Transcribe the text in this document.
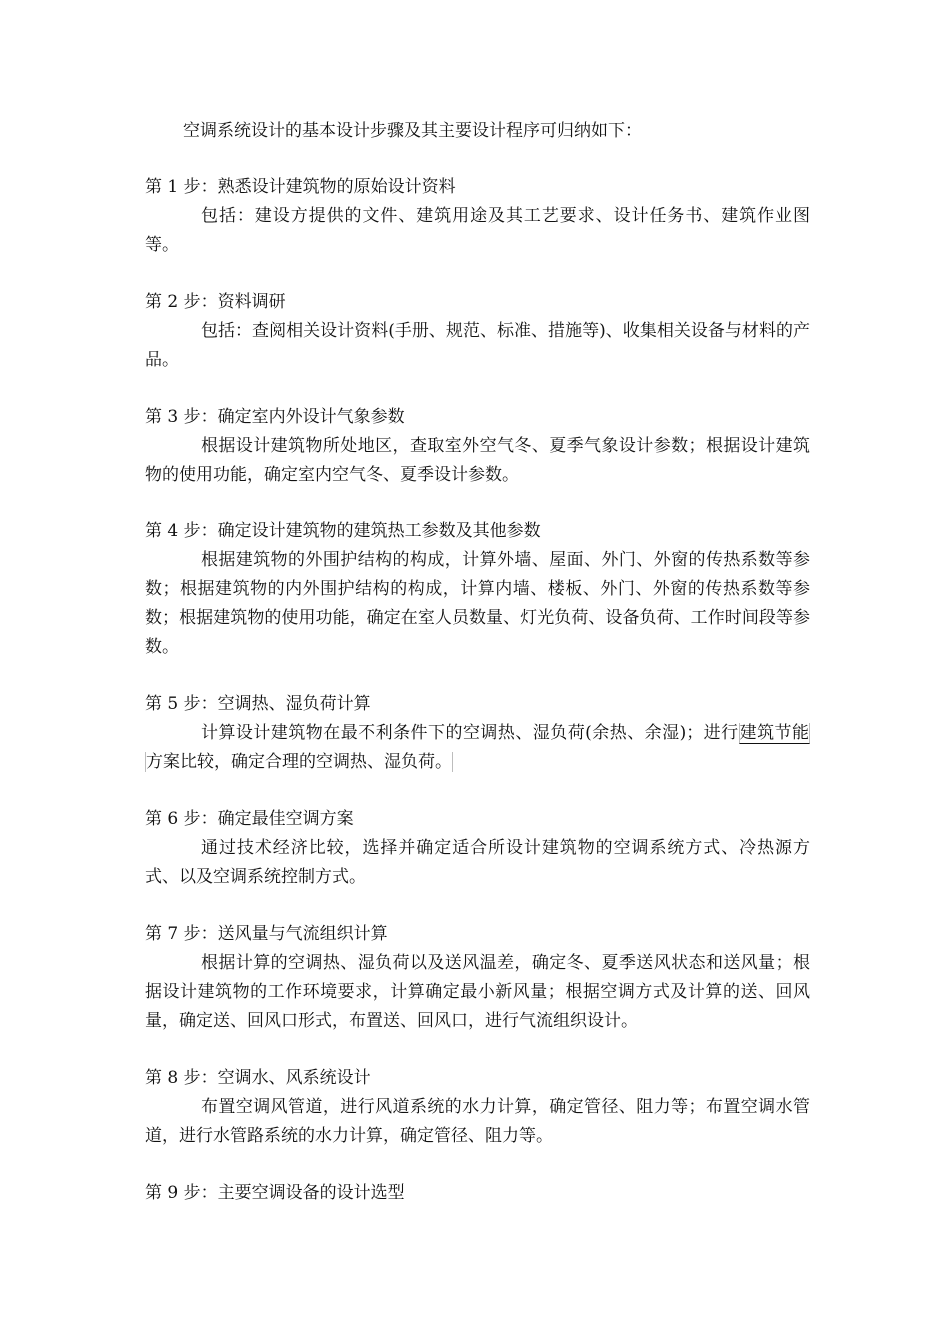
空调系统设计的基本设计步骤及其主要设计程序可归纳如下：
第 1 步：熟悉设计建筑物的原始设计资料
包括：建设方提供的文件、建筑用途及其工艺要求、设计任务书、建筑作业图等。
第 2 步：资料调研
包括：查阅相关设计资料(手册、规范、标准、措施等)、收集相关设备与材料的产品。
第 3 步：确定室内外设计气象参数
根据设计建筑物所处地区，查取室外空气冬、夏季气象设计参数；根据设计建筑物的使用功能，确定室内空气冬、夏季设计参数。
第 4 步：确定设计建筑物的建筑热工参数及其他参数
根据建筑物的外围护结构的构成，计算外墙、屋面、外门、外窗的传热系数等参数；根据建筑物的内外围护结构的构成，计算内墙、楼板、外门、外窗的传热系数等参数；根据建筑物的使用功能，确定在室人员数量、灯光负荷、设备负荷、工作时间段等参数。
第 5 步：空调热、湿负荷计算
计算设计建筑物在最不利条件下的空调热、湿负荷(余热、余湿)；进行建筑节能方案比较，确定合理的空调热、湿负荷。
第 6 步：确定最佳空调方案
通过技术经济比较，选择并确定适合所设计建筑物的空调系统方式、冷热源方式、以及空调系统控制方式。
第 7 步：送风量与气流组织计算
根据计算的空调热、湿负荷以及送风温差，确定冬、夏季送风状态和送风量；根据设计建筑物的工作环境要求，计算确定最小新风量；根据空调方式及计算的送、回风量，确定送、回风口形式，布置送、回风口，进行气流组织设计。
第 8 步：空调水、风系统设计
布置空调风管道，进行风道系统的水力计算，确定管径、阻力等；布置空调水管道，进行水管路系统的水力计算，确定管径、阻力等。
第 9 步：主要空调设备的设计选型
